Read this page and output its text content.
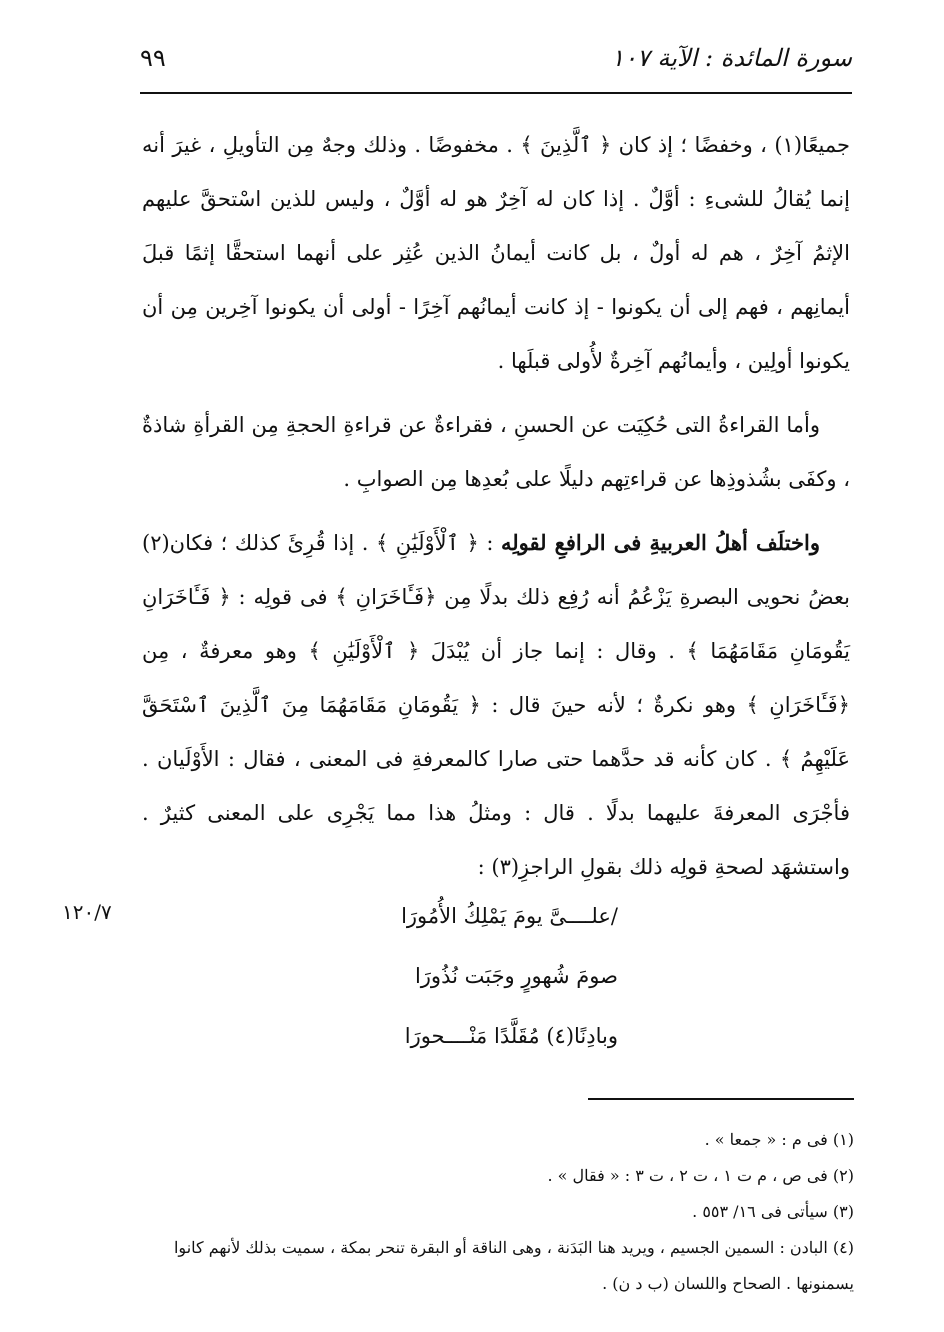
سورة المائدة : الآية ١٠٧
٩٩

جميعًا(١) ، وخفضًا ؛ إذ كان ﴿ ٱلَّذِينَ ﴾ . مخفوضًا . وذلك وجهٌ مِن التأويلِ ، غيرَ أنه إنما يُقالُ للشىءِ : أوَّلٌ . إذا كان له آخِرٌ هو له أوَّلٌ ، وليس للذين اسْتحقَّ عليهم الإثمُ آخِرٌ ، هم له أولٌ ، بل كانت أيمانُ الذين عُثِر على أنهما استحقَّا إثمًا قبلَ أيمانِهم ، فهم إلى أن يكونوا - إذ كانت أيمانُهم آخِرًا - أولى أن يكونوا آخِرين مِن أن يكونوا أولِين ، وأيمانُهم آخِرةٌ لأُولى قبلَها .

وأما القراءةُ التى حُكِيَت عن الحسنِ ، فقراءةٌ عن قراءةِ الحجةِ مِن القرأةِ شاذةٌ ، وكفَى بشُذوذِها عن قراءتِهم دليلًا على بُعدِها مِن الصوابِ .

واختلَف أهلُ العربيةِ فى الرافعِ لقولِه : ﴿ ٱلْأَوْلَيَٰنِ ﴾ . إذا قُرِئَ كذلك ؛ فكان(٢) بعضُ نحويى البصرةِ يَزْعُمُ أنه رُفِع ذلك بدلًا مِن ﴿فَـَٔاخَرَانِ ﴾ فى قولِه : ﴿ فَـَٔاخَرَانِ يَقُومَانِ مَقَامَهُمَا ﴾ . وقال : إنما جاز أن يُبْدَلَ ﴿ ٱلْأَوْلَيَٰنِ ﴾ وهو معرفةٌ ، مِن ﴿فَـَٔاخَرَانِ ﴾ وهو نكرةٌ ؛ لأنه حينَ قال : ﴿ يَقُومَانِ مَقَامَهُمَا مِنَ ٱلَّذِينَ ٱسْتَحَقَّ عَلَيْهِمُ ﴾ . كان كأنه قد حدَّهما حتى صارا كالمعرفةِ فى المعنى ، فقال : الأَوْلَيان . فأجْرَى المعرفةَ عليهما بدلًا . قال : ومثلُ هذا مما يَجْرِى على المعنى كثيرٌ . واستشهَد لصحةِ قولِه ذلك بقولِ الراجزِ(٣) :

١٢٠/٧	/علــــىَّ يومَ يَمْلِكُ الأُمُورَا
صومَ شُهورٍ وجَبَت نُذُورَا
وبادِنًا(٤) مُقَلَّدًا مَنْــــحورَا

(١) فى م : « جمعا » .

(٢) فى ص ، م ت ١ ، ت ٢ ، ت ٣ : « فقال » .

(٣) سيأتى فى ١٦/ ٥٥٣ .

(٤) البادن : السمين الجسيم ، ويريد هنا البَدَنة ، وهى الناقة أو البقرة تنحر بمكة ، سميت بذلك لأنهم كانوا يسمنونها . الصحاح واللسان (ب د ن) .
